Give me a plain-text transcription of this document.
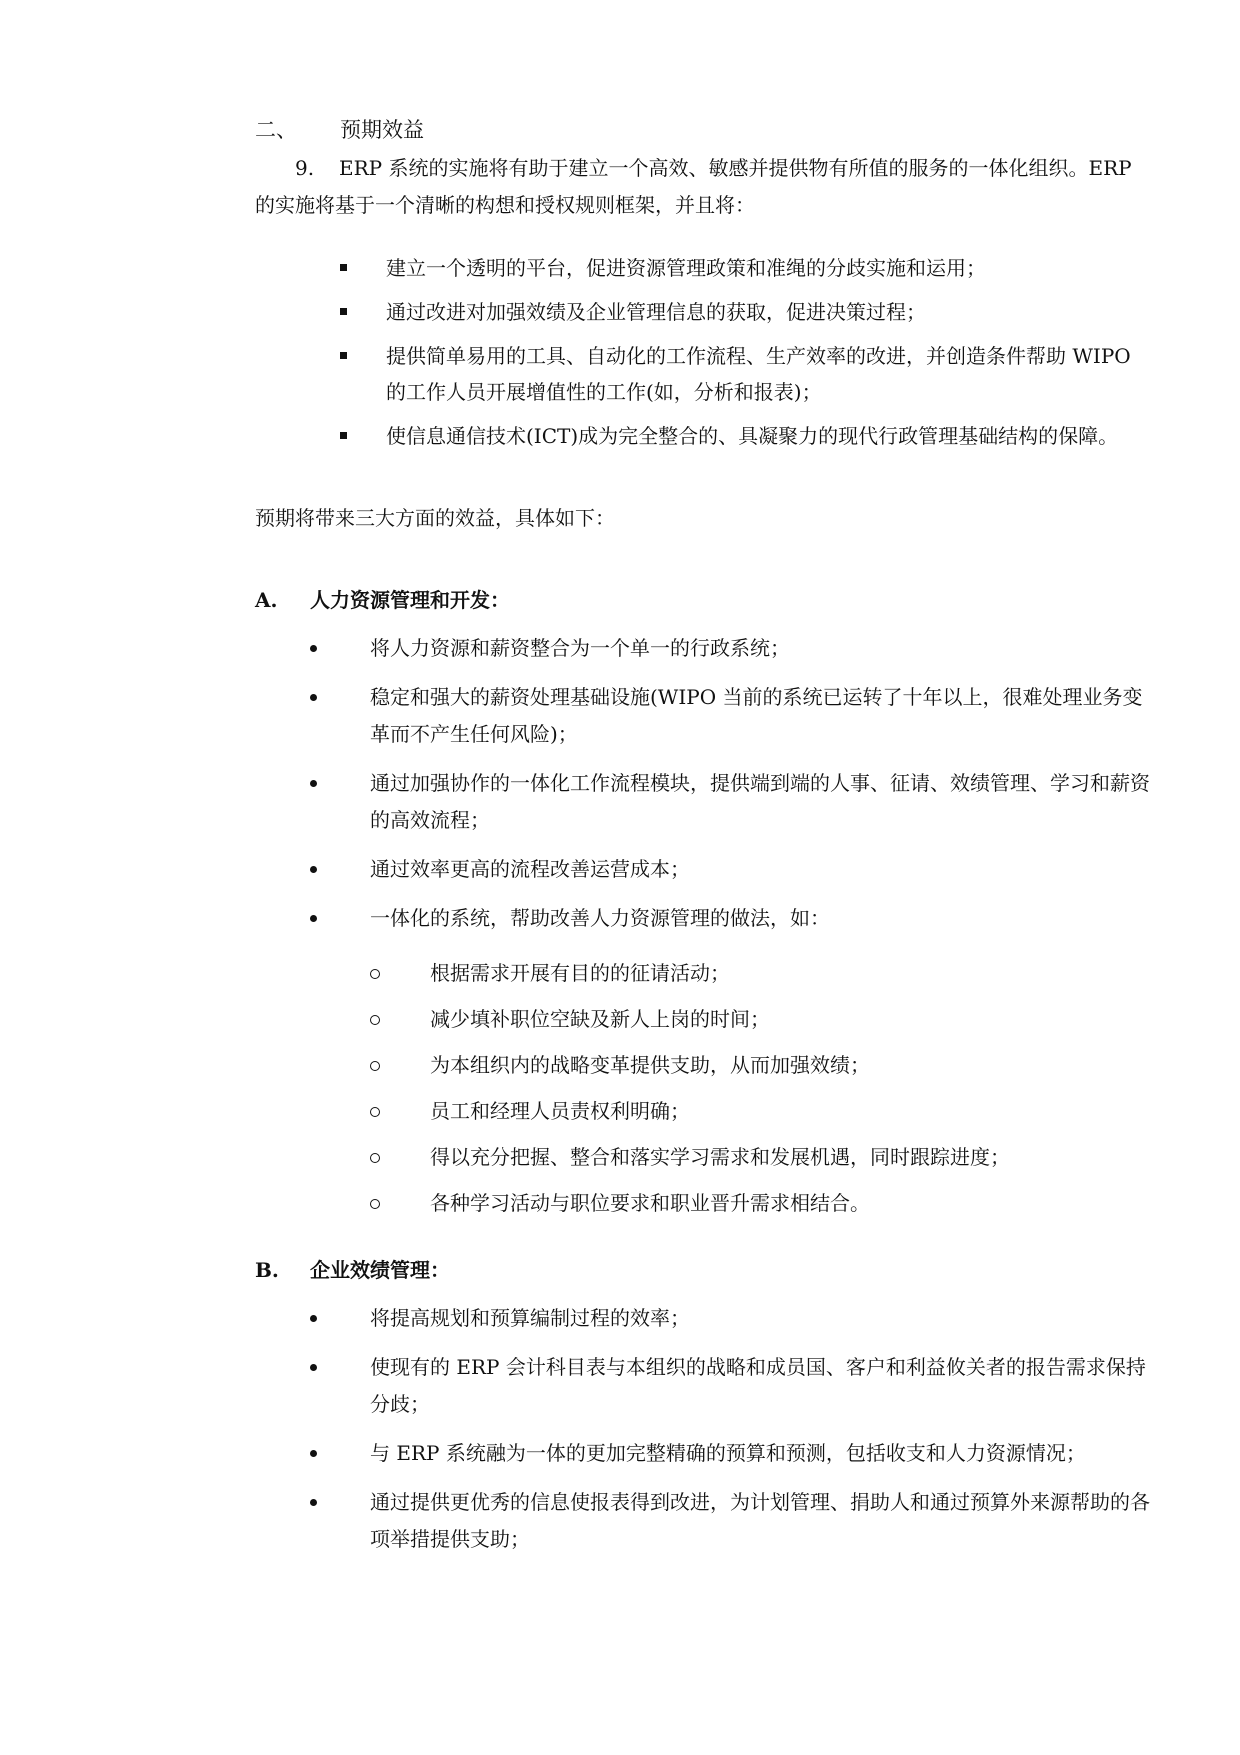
二、	预期效益
9. ERP 系统的实施将有助于建立一个高效、敏感并提供物有所值的服务的一体化组织。ERP 的实施将基于一个清晰的构想和授权规则框架，并且将：
建立一个透明的平台，促进资源管理政策和准绳的分歧实施和运用；
通过改进对加强效绩及企业管理信息的获取，促进决策过程；
提供简单易用的工具、自动化的工作流程、生产效率的改进，并创造条件帮助 WIPO 的工作人员开展增值性的工作(如，分析和报表)；
使信息通信技术(ICT)成为完全整合的、具凝聚力的现代行政管理基础结构的保障。
预期将带来三大方面的效益，具体如下：
A.	人力资源管理和开发：
将人力资源和薪资整合为一个单一的行政系统；
稳定和强大的薪资处理基础设施(WIPO 当前的系统已运转了十年以上，很难处理业务变革而不产生任何风险)；
通过加强协作的一体化工作流程模块，提供端到端的人事、征请、效绩管理、学习和薪资的高效流程；
通过效率更高的流程改善运营成本；
一体化的系统，帮助改善人力资源管理的做法，如：
根据需求开展有目的的征请活动；
减少填补职位空缺及新人上岗的时间；
为本组织内的战略变革提供支助，从而加强效绩；
员工和经理人员责权利明确；
得以充分把握、整合和落实学习需求和发展机遇，同时跟踪进度；
各种学习活动与职位要求和职业晋升需求相结合。
B.	企业效绩管理：
将提高规划和预算编制过程的效率；
使现有的 ERP 会计科目表与本组织的战略和成员国、客户和利益攸关者的报告需求保持分歧；
与 ERP 系统融为一体的更加完整精确的预算和预测，包括收支和人力资源情况；
通过提供更优秀的信息使报表得到改进，为计划管理、捐助人和通过预算外来源帮助的各项举措提供支助；
